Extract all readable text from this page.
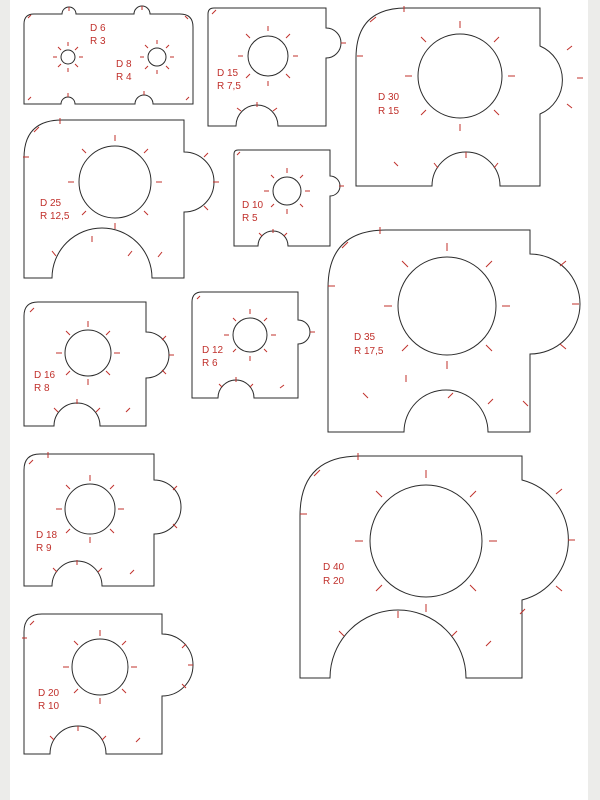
D 6
R 3
D 8
R 4	D 15
R 7,5
D 30
R 15
D 25
R 12,5
D 10
R 5
D 35
R 17,5
D 16
R 8
D 12
R 6
D 18
R 9
D 40
R 20
D 20
R 10
